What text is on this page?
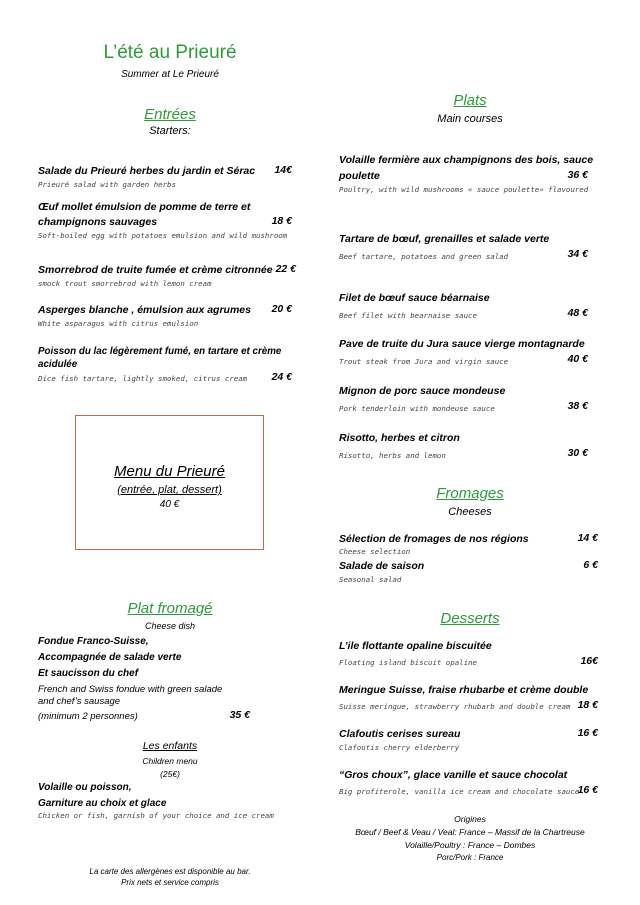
L’été au Prieuré
Summer at Le Prieuré
Entrées
Starters:
Salade du Prieuré herbes du jardin et Sérac	14€
Prieuré salad with garden herbs
Œuf mollet émulsion de pomme de terre et
champignons sauvages	18 €
Soft-boiled egg with potatoes emulsion and wild mushroom
Smorrebrod de truite fumée et crème citronnée 22 €
smock trout smorrebrod with lemon cream
Asperges blanche , émulsion aux agrumes	20 €
White asparagus with citrus emulsion
Poisson du lac légèrement fumé, en tartare et crème
acidulée
24 €
Dice fish tartare, lightly smoked, citrus cream
Menu du Prieuré
(entrée, plat, dessert)
40 €
Plat fromagé
Cheese dish
Fondue Franco-Suisse,
Accompagnée de salade verte
Et saucisson du chef
French and Swiss fondue with green salade
and chef’s sausage
(minimum 2 personnes)	35 €
Les enfants
Children menu
(25€)
Volaille ou poisson,
Garniture au choix et glace
Chicken or fish, garnish of your choice and ice cream
La carte des allergènes est disponible au bar.
Prix nets et service compris
Plats
Main courses
Volaille fermière aux champignons des bois, sauce
poulette	36 €
Poultry, with wild mushrooms « sauce poulette» flavoured
Tartare de bœuf, grenailles et salade verte
Beef tartare, potatoes and green salad	34 €
Filet de bœuf sauce béarnaise
Beef filet with bearnaise sauce	48 €
Pave de truite du Jura sauce vierge montagnarde
Trout steak from Jura and virgin sauce	40 €
Mignon de porc sauce mondeuse
Pork tenderloin with mondeuse sauce	38 €
Risotto, herbes et citron
Risotto, herbs and lemon	30 €
Fromages
Cheeses
Sélection de fromages de nos régions	14 €
Cheese selection
Salade de saison	6 €
Seasonal salad
Desserts
L’ile flottante opaline biscuitée
Floating island biscuit opaline	16€
Meringue Suisse, fraise rhubarbe et crème double
Suisse meringue, strawberry rhubarb and double cream 18 €
Clafoutis cerises sureau	16 €
Clafoutis cherry elderberry
“Gros choux”, glace vanille et sauce chocolat
Big profiterole, vanilla ice cream and chocolate sauce
16 €
Origines
Bœuf / Beef & Veau / Veal: France – Massif de la Chartreuse
Volaille/Poultry : France – Dombes
Porc/Pork : France
